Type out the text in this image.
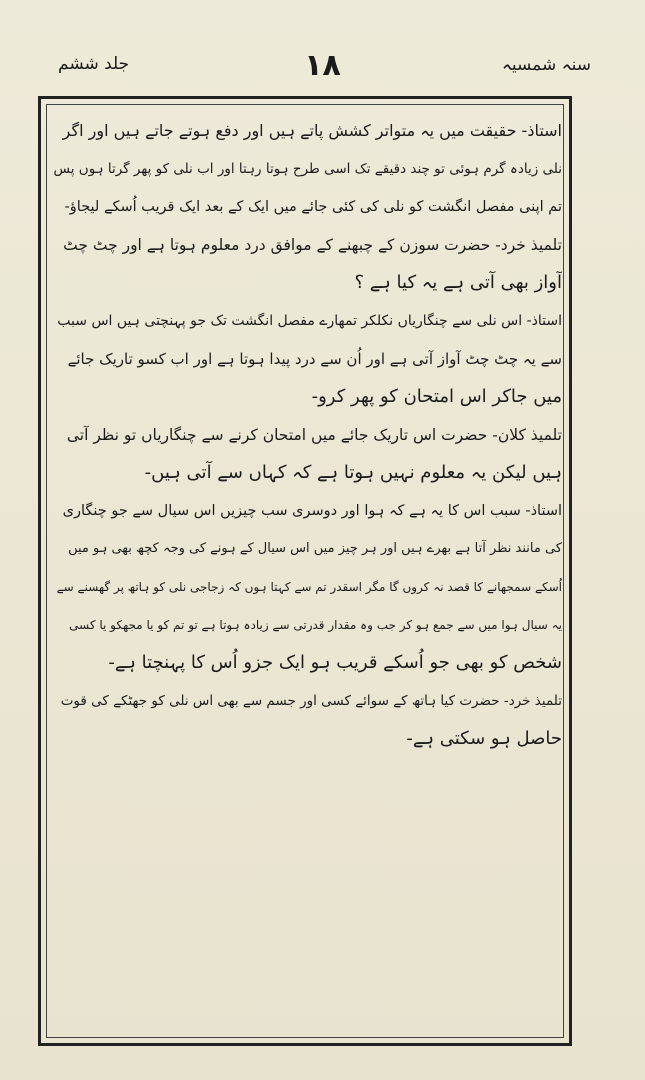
سنہ شمسیہ
۱۸
جلد ششم
استاذ- حقیقت میں یہ متواتر کشش پاتے ہیں اور دفع ہوتے جاتے ہیں اور اگر
نلی زیادہ گرم ہوئی تو چند دقیقے تک اسی طرح ہوتا رہتا اور اب نلی کو پھر گرتا ہوں پس
تم اپنی مفصل انگشت کو نلی کی کئی جائے میں ایک کے بعد ایک قریب اُسکے لیجاؤ-
تلمیذ خرد- حضرت سوزن کے چبھنے کے موافق درد معلوم ہوتا ہے اور چٹ چٹ
آواز بھی آتی ہے یہ کیا ہے ؟
استاذ- اس نلی سے چنگاریاں نکلکر تمھارے مفصل انگشت تک جو پہنچتی ہیں اس سبب
سے یہ چٹ چٹ آواز آتی ہے اور اُن سے درد پیدا ہوتا ہے اور اب کسو تاریک جائے
میں جاکر اس امتحان کو پھر کرو-
تلمیذ کلان- حضرت اس تاریک جائے میں امتحان کرنے سے چنگاریاں تو نظر آتی
ہیں لیکن یہ معلوم نہیں ہوتا ہے کہ کہاں سے آتی ہیں-
استاذ- سبب اس کا یہ ہے کہ ہوا اور دوسری سب چیزیں اس سیال سے جو چنگاری
کی مانند نظر آتا ہے بھرے ہیں اور ہر چیز میں اس سیال کے ہونے کی وجہ کچھ بھی ہو میں
اُسکے سمجھانے کا قصد نہ کروں گا مگر اسقدر تم سے کہتا ہوں کہ زجاجی نلی کو ہاتھ پر گھسنے سے
یہ سیال ہوا میں سے جمع ہو کر جب وہ مقدار قدرتی سے زیادہ ہوتا ہے تو تم کو یا مجھکو یا کسی
شخص کو بھی جو اُسکے قریب ہو ایک جزو اُس کا پہنچتا ہے-
تلمیذ خرد- حضرت کیا ہاتھ کے سوائے کسی اور جسم سے بھی اس نلی کو جھٹکے کی قوت
حاصل ہو سکتی ہے-
